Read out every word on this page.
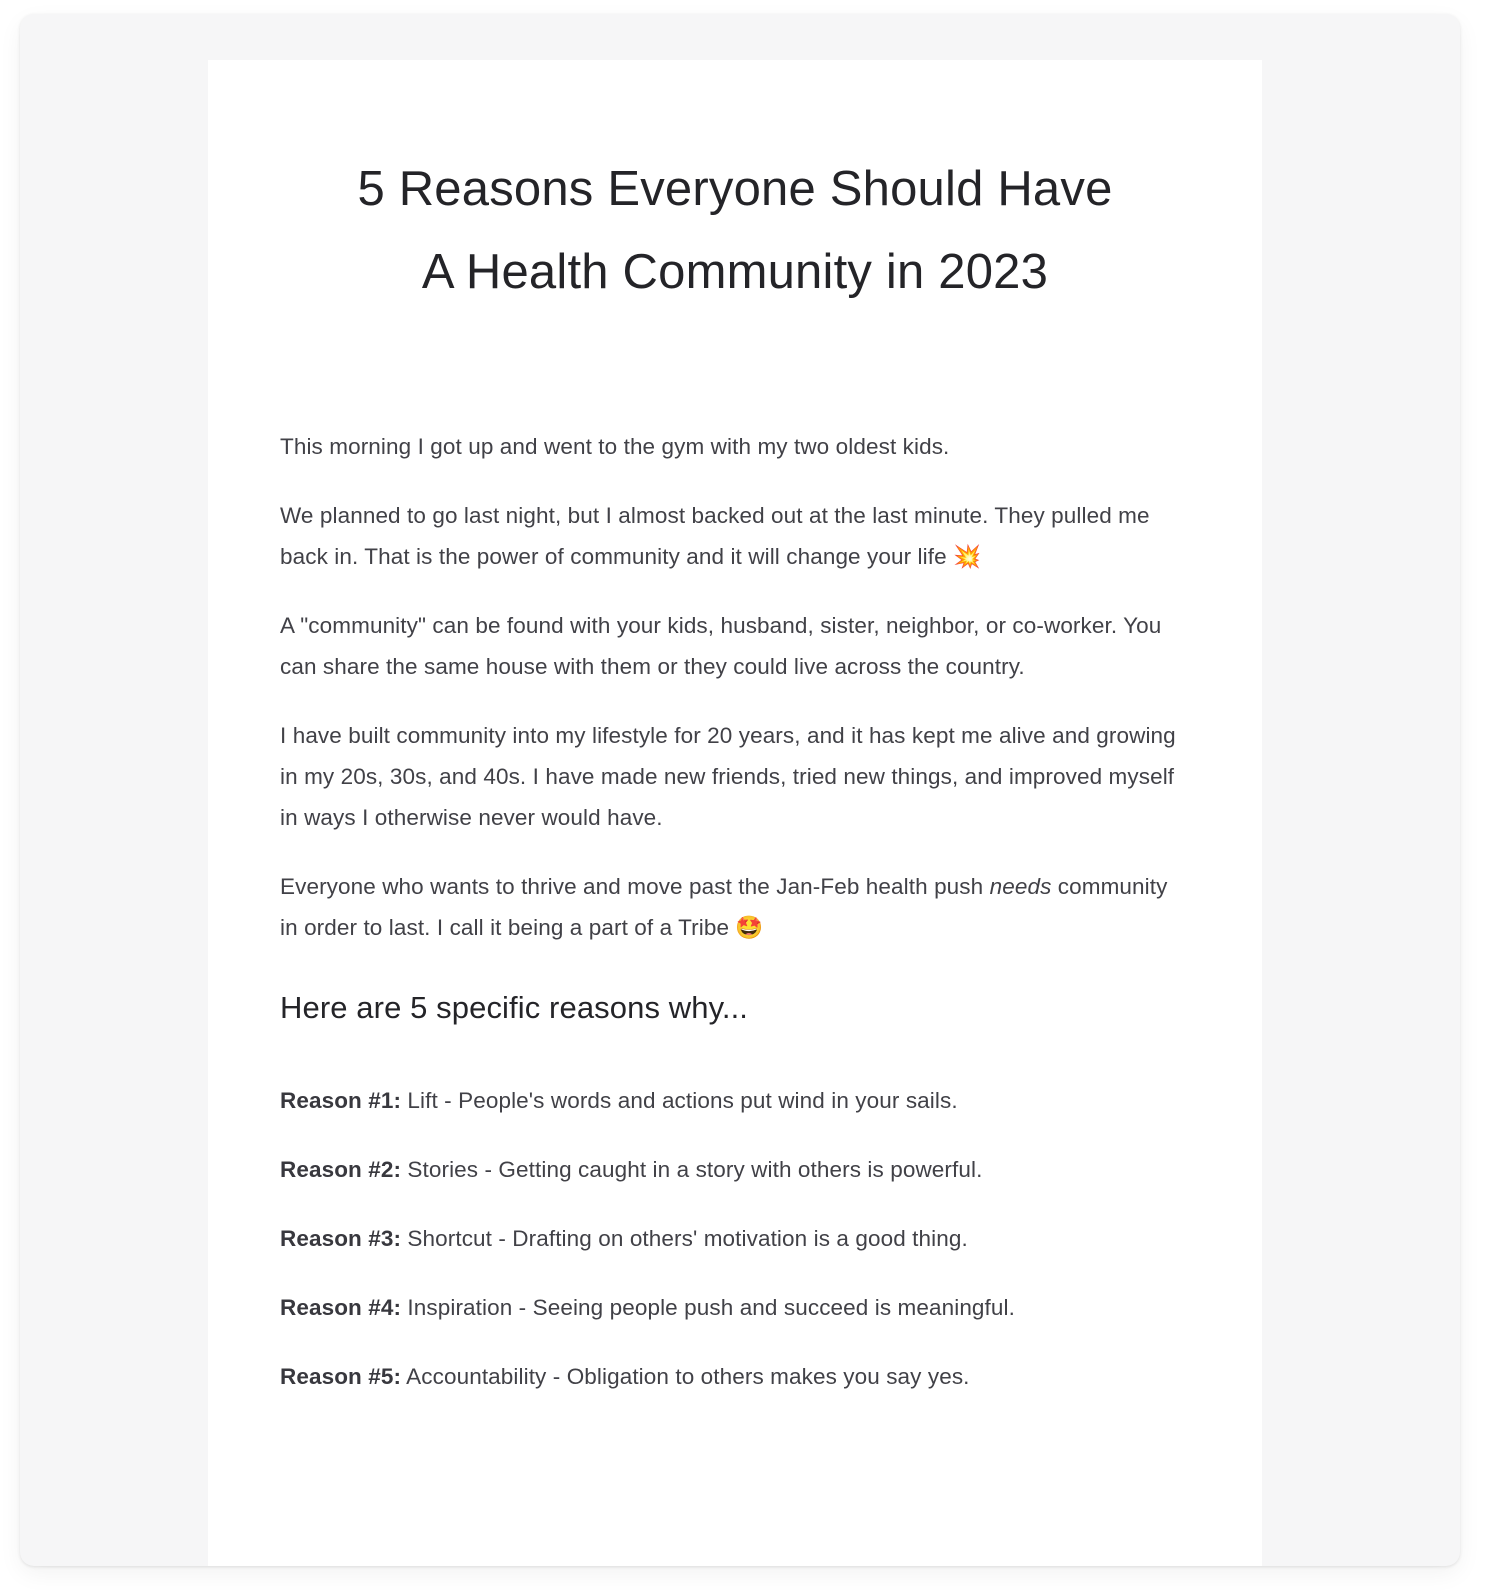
5 Reasons Everyone Should Have
A Health Community in 2023

This morning I got up and went to the gym with my two oldest kids.

We planned to go last night, but I almost backed out at the last minute. They pulled me back in. That is the power of community and it will change your life 💥

A "community" can be found with your kids, husband, sister, neighbor, or co-worker. You can share the same house with them or they could live across the country.

I have built community into my lifestyle for 20 years, and it has kept me alive and growing in my 20s, 30s, and 40s. I have made new friends, tried new things, and improved myself in ways I otherwise never would have.

Everyone who wants to thrive and move past the Jan-Feb health push needs community in order to last. I call it being a part of a Tribe 🤩

Here are 5 specific reasons why...

Reason #1: Lift - People's words and actions put wind in your sails.

Reason #2: Stories - Getting caught in a story with others is powerful.

Reason #3: Shortcut - Drafting on others' motivation is a good thing.

Reason #4: Inspiration - Seeing people push and succeed is meaningful.

Reason #5: Accountability - Obligation to others makes you say yes.
